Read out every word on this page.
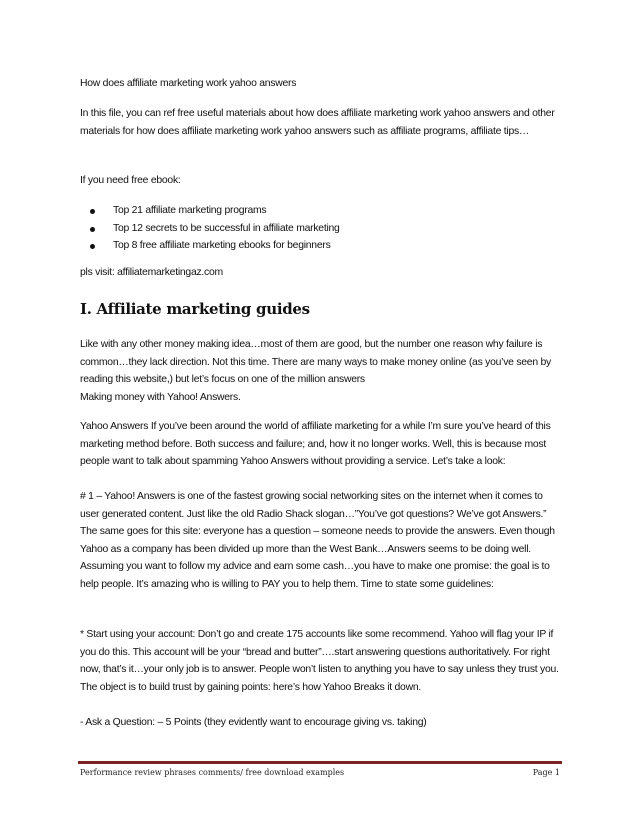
How does affiliate marketing work yahoo answers

In this file, you can ref free useful materials about how does affiliate marketing work yahoo answers and other materials for how does affiliate marketing work yahoo answers such as affiliate programs, affiliate tips…

If you need free ebook:

Top 21 affiliate marketing programs
Top 12 secrets to be successful in affiliate marketing
Top 8 free affiliate marketing ebooks for beginners

pls visit: affiliatemarketingaz.com

I. Affiliate marketing guides

Like with any other money making idea…most of them are good, but the number one reason why failure is common…they lack direction. Not this time. There are many ways to make money online (as you’ve seen by reading this website,) but let’s focus on one of the million answers

Making money with Yahoo! Answers.

Yahoo Answers If you’ve been around the world of affiliate marketing for a while I’m sure you’ve heard of this marketing method before. Both success and failure; and, how it no longer works. Well, this is because most people want to talk about spamming Yahoo Answers without providing a service. Let’s take a look:

# 1 – Yahoo! Answers is one of the fastest growing social networking sites on the internet when it comes to user generated content. Just like the old Radio Shack slogan…”You’ve got questions? We’ve got Answers.” The same goes for this site: everyone has a question – someone needs to provide the answers. Even though Yahoo as a company has been divided up more than the West Bank…Answers seems to be doing well. Assuming you want to follow my advice and earn some cash…you have to make one promise: the goal is to help people. It’s amazing who is willing to PAY you to help them. Time to state some guidelines:

* Start using your account: Don’t go and create 175 accounts like some recommend. Yahoo will flag your IP if you do this. This account will be your “bread and butter”….start answering questions authoritatively. For right now, that’s it…your only job is to answer. People won’t listen to anything you have to say unless they trust you. The object is to build trust by gaining points: here’s how Yahoo Breaks it down.

- Ask a Question: – 5 Points (they evidently want to encourage giving vs. taking)

Performance review phrases comments/ free download examples	Page 1
